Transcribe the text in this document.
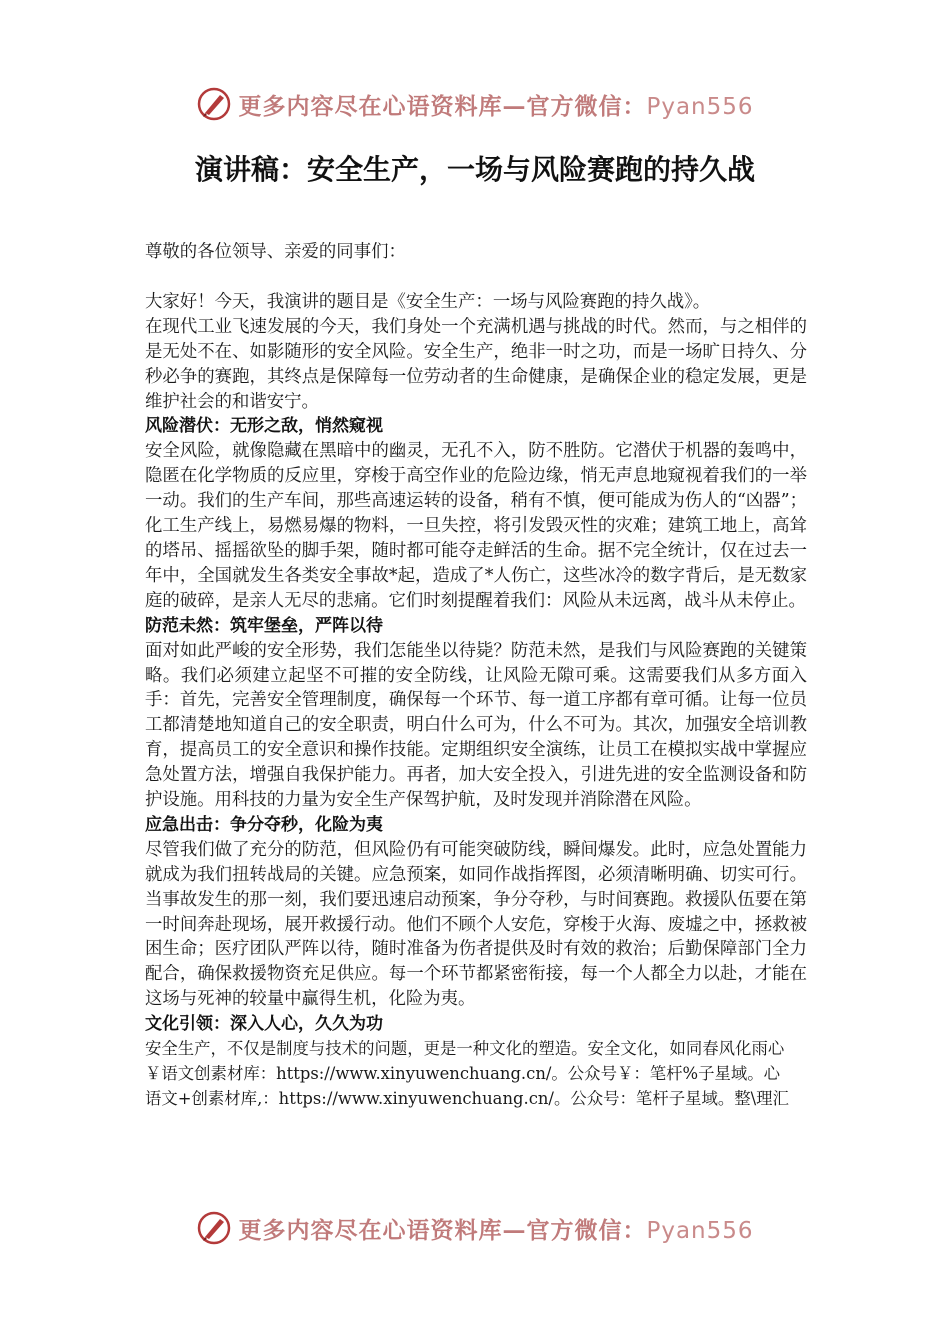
更多内容尽在心语资料库—官方微信：Pyan556
演讲稿：安全生产，一场与风险赛跑的持久战

尊敬的各位领导、亲爱的同事们：

大家好！今天，我演讲的题目是《安全生产：一场与风险赛跑的持久战》。

在现代工业飞速发展的今天，我们身处一个充满机遇与挑战的时代。然而，与之相伴的是无处不在、如影随形的安全风险。安全生产，绝非一时之功，而是一场旷日持久、分秒必争的赛跑，其终点是保障每一位劳动者的生命健康，是确保企业的稳定发展，更是维护社会的和谐安宁。

风险潜伏：无形之敌，悄然窥视

安全风险，就像隐藏在黑暗中的幽灵，无孔不入，防不胜防。它潜伏于机器的轰鸣中，隐匿在化学物质的反应里，穿梭于高空作业的危险边缘，悄无声息地窥视着我们的一举一动。我们的生产车间，那些高速运转的设备，稍有不慎，便可能成为伤人的“凶器”；化工生产线上，易燃易爆的物料，一旦失控，将引发毁灭性的灾难；建筑工地上，高耸的塔吊、摇摇欲坠的脚手架，随时都可能夺走鲜活的生命。据不完全统计，仅在过去一年中，全国就发生各类安全事故*起，造成了*人伤亡，这些冰冷的数字背后，是无数家庭的破碎，是亲人无尽的悲痛。它们时刻提醒着我们：风险从未远离，战斗从未停止。

防范未然：筑牢堡垒，严阵以待

面对如此严峻的安全形势，我们怎能坐以待毙？防范未然，是我们与风险赛跑的关键策略。我们必须建立起坚不可摧的安全防线，让风险无隙可乘。这需要我们从多方面入手：首先，完善安全管理制度，确保每一个环节、每一道工序都有章可循。让每一位员工都清楚地知道自己的安全职责，明白什么可为，什么不可为。其次，加强安全培训教育，提高员工的安全意识和操作技能。定期组织安全演练，让员工在模拟实战中掌握应急处置方法，增强自我保护能力。再者，加大安全投入，引进先进的安全监测设备和防护设施。用科技的力量为安全生产保驾护航，及时发现并消除潜在风险。

应急出击：争分夺秒，化险为夷

尽管我们做了充分的防范，但风险仍有可能突破防线，瞬间爆发。此时，应急处置能力就成为我们扭转战局的关键。应急预案，如同作战指挥图，必须清晰明确、切实可行。当事故发生的那一刻，我们要迅速启动预案，争分夺秒，与时间赛跑。救援队伍要在第一时间奔赴现场，展开救援行动。他们不顾个人安危，穿梭于火海、废墟之中，拯救被困生命；医疗团队严阵以待，随时准备为伤者提供及时有效的救治；后勤保障部门全力配合，确保救援物资充足供应。每一个环节都紧密衔接，每一个人都全力以赴，才能在这场与死神的较量中赢得生机，化险为夷。

文化引领：深入人心，久久为功

安全生产，不仅是制度与技术的问题，更是一种文化的塑造。安全文化，如同春风化雨心

￥语文创素材库：https://www.xinyuwenchuang.cn/。公众号￥：笔杆%子星域。心

语文+创素材库,：https://www.xinyuwenchuang.cn/。公众号：笔杆子星域。整\理汇

更多内容尽在心语资料库—官方微信：Pyan556
